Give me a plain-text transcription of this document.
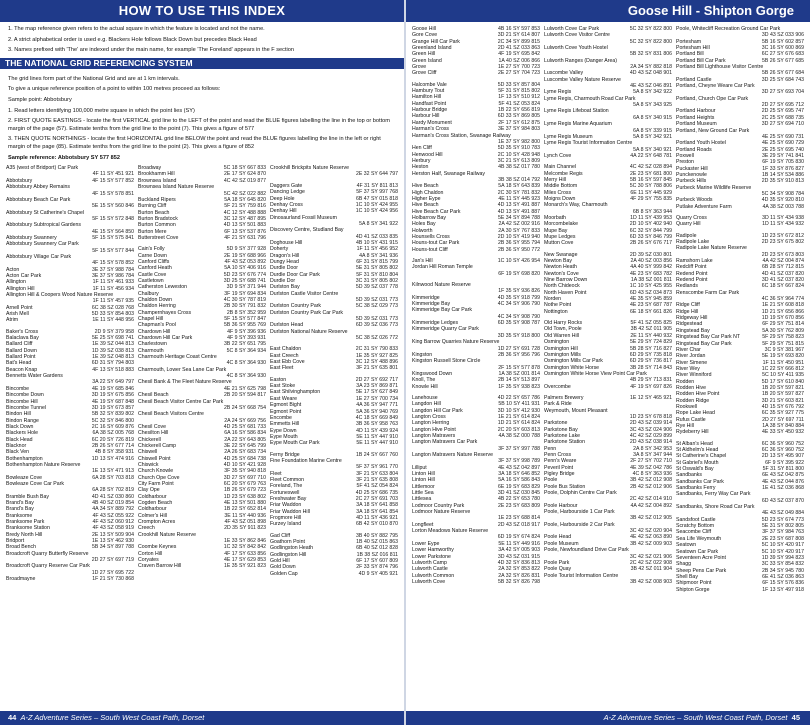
HOW TO USE THIS INDEX

1. The map reference given refers to the actual square in which the feature is located and not the name.

2. A strict alphabetical order is used e.g. Blackers Hole follows Black Down but precedes Black Head

3. Names prefixed with 'The' are indexed under the main name, for example 'The Foreland' appears in the F section

THE NATIONAL GRID REFERENCING SYSTEM

The grid lines form part of the National Grid and are at 1 km intervals.

To give a unique reference position of a point to within 100 metres proceed as follows:

Sample point: Abbotsbury

1. Read letters identifying 100,000 metre square in which the point lies (SY)

2. FIRST QUOTE EASTINGS - locate the first VERTICAL grid line to the LEFT of the point and read the BLUE figures labelling the line in the top or bottom margin of the page (57). Estimate tenths from the grid line to the point (7). This gives a figure of 577

3. THEN QUOTE NORTHINGS - locate the first HORIZONTAL grid line BELOW the point and read the BLUE figures labelling the line in the left or right margin of the page (85). Estimate tenths from the grid line to the point (2). This gives a figure of 852

Sample reference: Abbotsbury SY 577 852

A35 (west of Bridport) Car Park
4F 11 SY 451 921
Abbotsbury	4F 15 SY 577 852
Abbotsbury Abbey Remains
4F 15 SY 578 851
Abbotsbury Beach Car Park
5E 15 SY 560 846
Abbotsbury St Catherine's Chapel
5F 15 SY 572 848
Abbotsbury Subtropical Gardens
4E 15 SY 564 850
Abbotsbury Swannery	5F 15 SY 575 841
Abbotsbury Swannery Car Park
5F 15 SY 577 844
Abbotsbury Village Car Park
4F 15 SY 578 852
Acton	3E 37 SY 988 784
Acton Car Park	3E 37 SY 986 784
Allington	1F 11 SY 461 933
Allington Hill	1F 11 SY 456 934
Allington Hill & Coopers Wood Nature Reserve
1F 11 SY 457 935
Arnell Point	6C 38 SZ 028 768
Arish Mell	5D 33 SY 854 803
Atrim	1E 11 SY 448 956
Baker's Cross	2D 9 SY 379 958
Balaclava Bay	5E 25 SY 698 741
Ballard Cliff	1E 39 SZ 044 813
Ballard Down	1D 39 SZ 038 813
Ballard Point	1E 39 SZ 048 813
Bat's Head	6D 31 SY 794 803
Beacon Knap	4F 13 SY 518 883
Bennetts Water Gardens
3A 22 SY 649 797
Bincombe	4E 19 SY 685 846
Bincombe Down	3D 19 SY 675 856
Bincombe Hill	4E 19 SY 687 848
Bincombe Tunnel	3D 19 SY 673 857
Bindon Hill	5B 32 SY 839 802
Bindon Range	5C 32 SY 846 800
Black Down	2C 16 SY 609 876
Blackers Hole	6A 38 SZ 005 768
Black Head	6C 20 SY 726 819
Blacknor	2B 26 SY 677 714
Black Ven	4B 8 SY 358 931
Bothenhampton	1D 13 SY 474 916
Bothenhampton Nature Reserve
1E 13 SY 471 913
Bowleaze Cove	6A 28 SY 703 818
Bowleaze Cove Car Park
6A 28 SY 702 819
Bramble Bush Bay	4D 41 SZ 030 860
Brand's Bay	4B 40 SZ 019 854
Brand's Bay	4A 34 SY 889 792
Branksome	4F 43 SZ 055 922
Branksome Park	4F 43 SZ 060 912
Branksome Station	4F 43 SZ 058 919
Bredy North Hill	2E 13 SY 509 904
Bridport	1E 13 SY 462 930
Broad Bench	5B 34 SY 897 788
Broadcroft Quarry Butterfly Reserve
2D 27 SY 697 719
Broadcroft Quarry Reserve Car Park
1D 27 SY 695 722
Broadmayne	1F 21 SY 730 868
Broadway	5C 18 SY 667 833
Brookhamm Hill	2E 17 SY 624 870
Brownsea Island	4C 42 SZ 019 877
Brownsea Island Nature Reserve
5C 42 SZ 022 882
Buckland Ripers	5A 18 SY 645 820
Burning Cliff	5F 21 SY 759 816
Burton Beach	4C 12 SY 488 888
Burton Bradstock	3C 12 SY 487 895
Burton Common	4D 13 SY 501 883
Burton Mere	6F 13 SY 537 876
Butterstreet Cove	4F 21 SY 631 796
Cain's Folly	5D 9 SY 377 928
Carne Down	2E 19 SY 688 966
Canford Cliffs	4F 43 SZ 053 892
Canford Heath	5A 10 SY 406 916
Castle Cove	5D 23 SY 676 774
Castletown	3D 25 SY 688 741
Catherston Leweston	3D 9 SY 371 944
Chalbury	3F 19 SY 694 834
Chaldon Down	4C 30 SY 787 819
Chaldon Herring	2B 30 SY 791 832
Champernhayes Cross	2B 8 SY 352 959
Chapel Hill	5F 15 SY 577 847
Chapman's Pool	5B 36 SY 955 769
Chardown Hill	4F 9 SY 396 936
Chardown Hill Car Park	4F 9 SY 393 931
Charlestown	3B 22 SY 651 795
Charmouth	5C 8 SY 364 934
Charmouth Heritage Coast Centre
4C 8 SY 364 930
Charmouth, Lower Sea Lane Car Park
4C 8 SY 364 930
Chesil Bank & The Fleet Nature Reserve
4E 21 SY 625 798
Chesil Beach	2B 20 SY 594 817
Chesil Beach Visitor Centre Car Park
2B 24 SY 668 754
Chesil Beach Visitors Centre
2A 24 SY 669 756
Chesil Cove	4D 25 SY 681 733
Chesilton Hill	6A 16 SY 586 834
Chickerell	2A 22 SY 643 805
Chickerell Camp	3E 22 SY 645 799
Chiswell	2A 26 SY 683 734
Chiswell Point	4D 25 SY 684 738
Chiswick	4D 10 SY 421 928
Church Knowle	3F 35 SY 940 818
Church Ope Cove	3D 27 SY 697 710
City Farm Point	6C 20 SY 679 763
Clay Ope	1B 26 SY 679 723
Coldharbour	1D 23 SY 638 802
Cogden Beach	4E 13 SY 501 880
Coldharbour	1B 22 SY 652 814
Colmer's Hill	3E 11 SY 440 936
Crompton Acres	4F 43 SZ 051 898
Creech	2D 35 SY 911 823
Crookhill Nature Reserve
1E 33 SY 862 846
Coombe Keynes	1C 32 SY 842 842
Corton Hill	4F 17 SY 633 856
Coryates	4E 17 SY 629 853
Craven Barrow Hill	1E 35 SY 921 823
Crookhill Brickpits Nature Reserve
2E 32 SY 644 797
Daggers Gate	4F 31 SY 811 813
Dancing Ledge	5F 37 SY 997 768
Deep Hole	6B 47 SY 015 818
Denhay Cross	1C 10 SY 424 955
Denhay Hill	1C 10 SY 424 956
Dinosaurland Fossil Museum
5A 8 SY 341 922
Discovery Centre, Studland Bay
4D 41 SZ 033 835
Doghouse Hill	4B 10 SY 431 915
Doherty	1F 11 SY 456 952
Dragon's Hill	4A 8 SY 341 936
Dungy Head	6F 31 SY 815 799
Durdle Door	5E 31 SY 805 802
Durdle Door Car Park	5F 31 SY 810 804
Durdle Dor	3C 31 SY 805 802
Durlston Bay	5D 39 SZ 037 778
Durlston Castle Visitor Centre
5D 39 SZ 031 773
Durlston Country Park	5C 38 SZ 029 773
Durlston Country Park Car Park
5D 39 SZ 031 773
Durlston Head	6D 39 SZ 036 773
Durlston National Nature Reserve
5C 38 SZ 026 772
East Chaldon	2C 31 SY 790 833
East Creech	1E 35 SY 927 825
East Ebb Cove	3C 12 SY 488 896
East Fleet	3F 21 SY 635 801
Easton	2D 27 SY 692 717
East Stoke	3A 23 SY 869 871
East Shilvinghampton	5E 17 SY 627 849
East Weare	1E 27 SY 700 734
Egmont Bight	4A 36 SY 947 771
Egmont Point	5A 36 SY 940 769
Encombe	4C 18 SY 669 849
Emmetts Hill	3B 36 SY 958 763
Eype Down	4D 11 SY 439 924
Eype Mouth	5E 11 SY 447 910
Eype Mouth Car Park	5E 11 SY 447 910
Ferny Bridge	1B 24 SY 667 760
Fine Foundation Marine Centre
5F 37 SY 961 770
Fleet	3F 21 SY 633 804
Fleet Common	3F 21 SY 635 808
Foreland, The	5F 41 SZ 054 824
Fortuneswell	4D 25 SY 686 735
Freshwater Bay	2C 27 SY 691 703
Friar Waddon	3A 18 SY 641 858
Friar Waddon Hill	3A 18 SY 641 854
Frogmore Hill	4D 11 SY 436 921
Furzey Island	6B 42 SY 010 870
Gad Cliff	3B 40 SY 882 795
Goathorn Point	1B 40 SZ 015 863
Godlingston Heath	6B 40 SZ 012 828
Godlingston Hill	1B 38 SZ 016 811
Gold Hill	6F 17 SY 607 809
Gold Down	2F 33 SY 874 796
Golden Cap	4D 9 SY 405 921
44 A-Z Adventure Series – South West Coast Path, Dorset
Goose Hill - Shipton Gorge
Goose Hill	4B 16 SY 597 853
Gore Cove	3D 21 SY 614 807
Grange Hill Car Park	2C 34 SY 899 815
Greenland Island	2D 41 SZ 033 863
Green Hill	4F 19 SY 695 842
Green Island	1A 40 SZ 006 866
Grove	1E 27 SY 700 723
Grove Cliff	2E 27 SY 704 723
Halcombe Vale	5D 33 SY 857 804
Hambury Tout	5F 31 SY 815 802
Hamilton Hill	1F 13 SY 510 912
Handfast Point	5F 41 SZ 053 824
Harbour Bridge	1B 22 SY 656 819
Harbour Hill	6D 33 SY 869 805
Hardy Monument	2F 17 SY 612 875
Harman's Cross	3E 37 SY 984 803
Harman's Cross Station, Swanage Railway
1E 37 SY 982 800
Hen Cliff	5D 35 SY 910 783
Henwood Hill	2C 10 SY 428 948
Herbury	3C 21 SY 613 809
Heston	4B 38 SZ 017 780
Herston Half, Swanage Railway
3B 38 SZ 014 792
Hive Beach	5A 18 SY 643 839
High Chaldon	2C 30 SY 781 832
Higher Eype	4E 11 SY 445 923
Hive Beach	4D 13 SY 491 887
Hive Beach Car Park	4D 13 SY 491 887
Holbarrow Bay	5E 34 SY 894 788
Holes Bay	2A 42 SZ 002 916
Holworth	2A 30 SY 767 833
Hounsells Cross	2D 10 SY 419 940
Houns-tout Car Park	2B 36 SY 955 794
Houns-tout Cliff	2B 36 SY 950 772
Jan's Hill	1C 10 SY 426 954
Jordan Hill Roman Temple
6F 19 SY 698 820
Kilnwood Nature Reserve
1F 35 SY 936 826
Kimmeridge	4D 35 SY 918 799
Kimmeridge Bay	4C 34 SY 906 790
Kimmeridge Bay Car Park
4C 34 SY 908 790
Kimmeridge Ledges	6D 35 SY 908 787
Kimmeridge Quarry Car Park
3D 35 SY 918 800
King Barrow Quarries Nature Reserve
1D 27 SY 691 728
Kingston	2B 36 SY 956 796
Kingston Russell Stone Circle
2F 15 SY 577 878
Kingswood Down	1A 38 SZ 001 814
Knoll, The	2B 14 SY 513 897
Knowle Hill	1F 35 SY 938 823
Lanehouse	4D 22 SY 657 786
Langdon Hill	5B 10 SY 411 931
Langdon Hill Car Park	3D 10 SY 412 930
Langton Cross	1E 21 SY 614 824
Langton Herring	1D 21 SY 614 824
Langton Hive Point	2C 20 SY 603 813
Langton Matravers	4A 38 SZ 000 788
Langton Matravers Car Park
3F 37 SY 997 788
Langton Matravers Nature Reserve
3F 37 SY 998 789
Lilliput	4E 43 SZ 042 897
Linton Hill	3A 18 SY 646 852
Linton Hill	5A 16 SY 586 843
Littlemoor	6E 19 SY 683 829
Little Sea	3D 41 SZ 030 845
Littlesea	4B 22 SY 653 780
Lodmoor Country Park	2E 23 SY 683 809
Lodmoor Nature Reserve
1E 23 SY 688 814
Longfleet	2D 43 SZ 018 917
Lorton Meadows Nature Reserve
6D 19 SY 674 824
Lower Eype	5E 11 SY 449 916
Lower Hamworthy	3A 42 SY 005 903
Lower Parkstone	3D 43 SZ 031 915
Lulworth Camp	4D 32 SY 836 813
Lulworth Castle	2A 32 SY 853 822
Lulworth Common	2A 32 SY 826 831
Lulworth Cove	5B 32 SY 826 798
Lulworth Cove Car Park	5C 32 SY 822 800
Lulworth Cove Visitor Centre
5C 32 SY 822 800
Lulworth Cove Youth Hostel
5B 32 SY 831 806
Lulworth Ranges (Danger Area)
2A 34 SY 882 818
Luscombe Valley	4D 43 SZ 048 901
Luscombe Valley Nature Reserve
4E 43 SZ 046 891
Lyme Regis	5A 8 SY 342 922
Lyme Regis, Charmouth Road Car Park
5A 8 SY 343 925
Lyme Regis Lifeboat Station
6A 8 SY 340 915
Lyme Regis Marine Aquarium
6A 8 SY 339 915
Lyme Regis Museum	5A 8 SY 342 921
Lyme Regis Tourist Information Centre
5A 8 SY 340 921
Lynch Cove	4A 22 SY 648 781
Main Channel	4C 42 SZ 028 894
Melcombe Regis	2E 23 SY 681 800
Merry Hill	5B 16 SY 597 845
Middle Bottom	5C 30 SY 788 806
Miles Cross	6E 11 SY 445 929
Moigns Down	4F 29 SY 755 835
Monarch's Way, Charmouth
6B 8 SY 363 944
Moorbath	1D 11 SY 439 953
Morcombelake	2D 10 SY 402 940
Mupe Bay	6C 32 SY 844 799
Mupe Ledges	6D 33 SY 846 799
Mutton Cove	2B 26 SY 676 717
New Swanage	2D 39 SZ 030 801
Newton Bay	2A 40 SZ 003 856
Newton Heath	4A 40 SY 999 842
Newton's Cove	4E 23 SY 683 782
Nine Barrow Down	1A 38 SZ 001 811
North Chideock	1C 10 SY 425 955
North Haven Point	6D 43 SZ 034 873
Norden	4E 35 SY 945 859
Nothe Point	4E 23 SY 687 787
Nottington	6E 18 SY 661 826
Old Harry Rocks	5F 41 SZ 055 825
Old Town, Poole	3B 42 SZ 011 905
Old Warren Hill	2E 11 SY 440 932
Osmington	5E 29 SY 724 829
Osmington Hill	5B 28 SY 716 827
Osmington Mills	6D 29 SY 735 818
Osmington Mills Car Park	6D 29 SY 736 817
Osmington White Horse	3B 28 SY 714 843
Osmington White Horse View Point Car Park
4B 29 SY 713 831
Overcombe	4F 19 SY 697 826
Palmers Brewery	1E 12 SY 465 921
Park & Ride
Weymouth, Mount Pleasant
1D 23 SY 678 818
Parkstone	2D 43 SZ 039 914
Parkstone Bay	3C 43 SZ 024 906
Parkstone Lake	4C 42 SZ 029 899
Parkstone Station	2D 43 SZ 038 914
Penn	2A 8 SY 342 953
Penn Cross	3A 8 SY 347 944
Penn's Weare	2F 27 SY 702 710
Peveril Point	4E 39 SZ 042 786
Pigley Bridge	4C 8 SY 363 936
Poole	3B 42 SZ 012 908
Poole Bus Station	2B 42 SZ 012 906
Poole, Dolphin Centre Car Park
2C 42 SZ 014 910
Poole Harbour	4A 42 SZ 004 892
Poole, Harbourside 1 Car Park
3B 42 SZ 012 905
Poole, Harbourside 2 Car Park
3C 42 SZ 020 904
Poole Head	4E 42 SZ 063 890
Poole Museum	3B 42 SZ 009 903
Poole, Newfoundland Drive Car Park
3C 42 SZ 021 906
Poole Park	2C 42 SZ 022 908
Poole Quay	3B 42 SZ 011 904
Poole Tourist Information Centre
3B 42 SZ 008 903
Poole, Whitecliff Recreation Ground Car Park
3D 43 SZ 033 906
Portesham	5B 16 SY 602 857
Portesham Hill	3C 16 SY 600 869
Portland Bill	6C 27 SY 676 683
Portland Bill Car Park	5B 26 SY 677 685
Portland Bill Lighthouse Visitor Centre
5B 26 SY 677 684
Portland Castle	3D 25 SY 684 743
Portland, Cheyne Weare Car Park
3D 27 SY 693 704
Portland, Church Ope Car Park
2D 27 SY 695 712
Portland Harbour	2D 25 SY 695 747
Portland Heights	2C 25 SY 688 735
Portland Museum	3D 27 SY 694 710
Portland, New Ground Car Park
4E 25 SY 690 731
Portland Youth Hostel	4E 25 SY 690 729
Portland Roads	2E 25 SY 695 740
Poxwell	3E 29 SY 741 841
Preston	6F 19 SY 705 830
Puckaster Hill	1F 33 SY 876 827
Punckenowle	1B 14 SY 534 886
Purbeck Hills	2D 35 SY 910 813
Purbeck Marine Wildlife Reserve
5C 34 SY 908 784
Purbeck Woods	4D 35 SY 920 810
Putlake Adventure Farm	4A 38 SZ 003 788
Quarry Cross	3D 11 SY 434 938
Quarry Hill	1D 11 SY 434 932
Radipole	1D 23 SY 672 812
Radipole Lake	2D 23 SY 675 802
Radipole Lake Nature Reserve
2D 23 SY 673 803
Ramshorn Lake	4A 42 SZ 004 874
Redcliff Point	6B 28 SY 712 815
Redend Point	4D 41 SZ 037 820
Redend Point	3D 41 SZ 037 820
Redlands	6C 18 SY 667 824
Renscombe Farm Car Park
4C 36 SY 964 774
Ridge Cliff	1E 21 SY 608 818
Ridge Hill	1D 21 SY 656 866
Ridgeway Hill	1D 19 SY 670 856
Ridgestead	6F 29 SY 751 814
Ringstead Bay	5A 30 SY 762 809
Ringstead Bay Car Park NT	5F 29 SY 758 823
Ringstead Bay Car Park	5F 29 SY 751 815
River Char	3C 9 SY 381 967
River Jordan	5E 19 SY 693 820
River Simene	1F 11 SY 450 951
River Wey	1C 22 SY 666 812
River Winniford	5C 10 SY 411 935
Rodden	5D 17 SY 610 840
Rodden Hive	1B 20 SY 597 821
Rodden Hive Point	1B 20 SY 597 827
Rodden Ridge	3D 21 SY 603 821
Rookwell	4D 15 SY 676 792
Rope Lake Head	6C 35 SY 927 775
Rufus Castle	2D 27 SY 697 711
Rye Hill	1A 38 SY 840 884
Rydeberry Hill	4E 33 SY 450 932
St Alban's Head	6C 36 SY 960 752
St Aldhelm's Head	6C 36 SY 960 752
St Catherine's Chapel	2D 13 SY 495 907
St Gabriel's Mouth	6F 9 SY 395 922
St Oswald's Bay	5F 31 SY 811 800
Sandbanks	6E 43 SZ 042 875
Sandbanks Car Park	4E 43 SZ 044 876
Sandbanks Ferry	1E 41 SZ 036 868
Sandbanks, Ferry Way Car Park
6D 43 SZ 037 870
Sandbanks, Shore Road Car Park
4E 43 SZ 049 884
Sandsfoot Castle	5D 23 SY 674 773
Scratchy Bottom	5E 31 SY 802 805
Seacombe Cliff	3F 37 SY 984 763
Sea Life Weymouth	2E 23 SY 687 808
Seatown	5C 10 SY 420 917
Seatown Car Park	5C 10 SY 420 917
Seventeen Acre Point	1D 39 SY 994 823
Shagg	3C 33 SY 854 832
Sheep Pens Car Park	2B 34 SY 945 780
Shell Bay	6E 41 SZ 036 863
Shipmoor Point	6F 15 SY 576 836
Shipton Gorge	1F 13 SY 497 918
A-Z Adventure Series – South West Coast Path, Dorset 45
